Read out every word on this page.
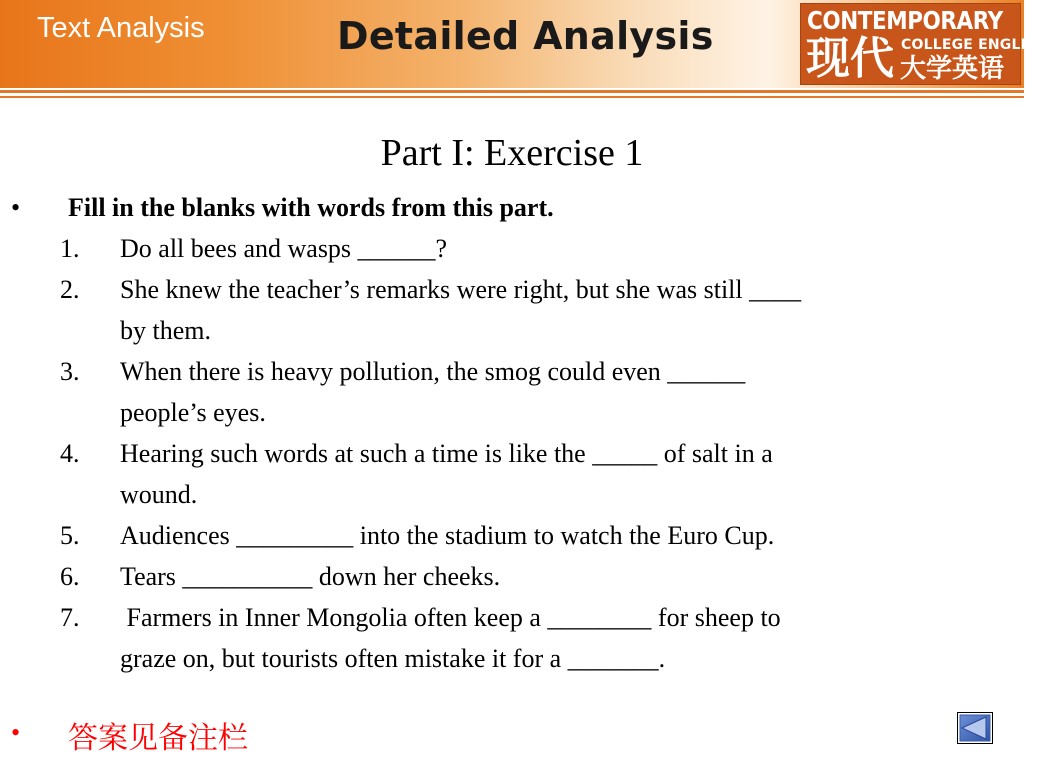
Text Analysis	Detailed Analysis	CONTEMPORARY
现代 COLLEGE ENGLISH
大学英语
Part I: Exercise 1
• Fill in the blanks with words from this part.
1. Do all bees and wasps ______?
2. She knew the teacher’s remarks were right, but she was still ____
by them.
3. When there is heavy pollution, the smog could even ______
people’s eyes.
4. Hearing such words at such a time is like the _____ of salt in a
wound.
5. Audiences _________ into the stadium to watch the Euro Cup.
6. Tears __________ down her cheeks.
7. Farmers in Inner Mongolia often keep a ________ for sheep to
graze on, but tourists often mistake it for a _______.
• 答案见备注栏
